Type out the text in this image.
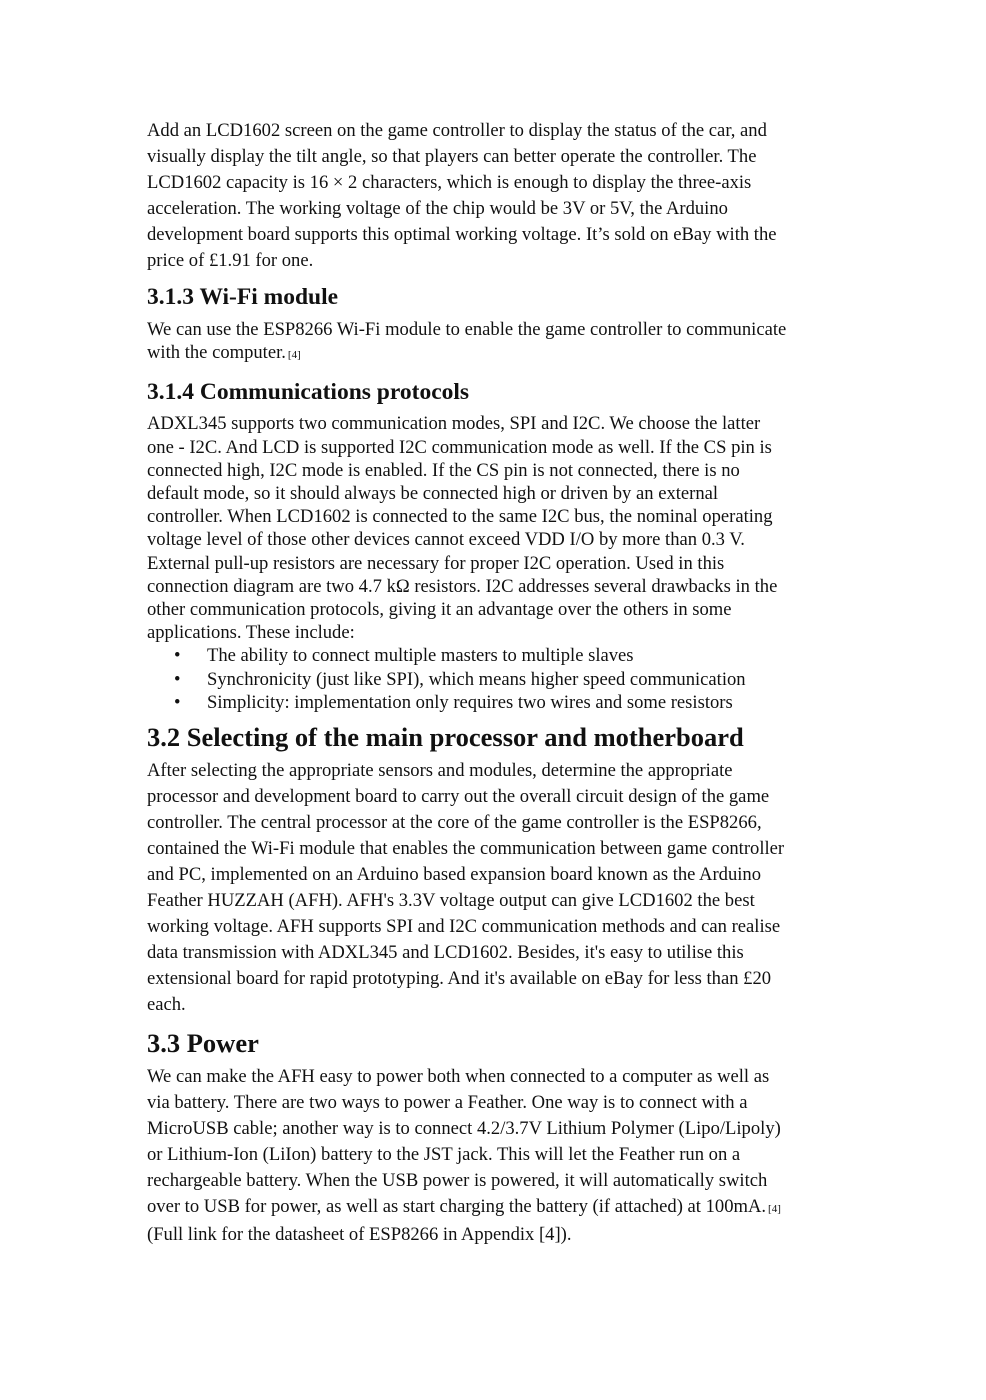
Add an LCD1602 screen on the game controller to display the status of the car, and
visually display the tilt angle, so that players can better operate the controller. The
LCD1602 capacity is 16 × 2 characters, which is enough to display the three-axis
acceleration. The working voltage of the chip would be 3V or 5V, the Arduino
development board supports this optimal working voltage. It’s sold on eBay with the
price of £1.91 for one.

3.1.3 Wi-Fi module

We can use the ESP8266 Wi-Fi module to enable the game controller to communicate
with the computer. [4]

3.1.4 Communications protocols

ADXL345 supports two communication modes, SPI and I2C. We choose the latter
one - I2C. And LCD is supported I2C communication mode as well. If the CS pin is
connected high, I2C mode is enabled. If the CS pin is not connected, there is no
default mode, so it should always be connected high or driven by an external
controller. When LCD1602 is connected to the same I2C bus, the nominal operating
voltage level of those other devices cannot exceed VDD I/O by more than 0.3 V.
External pull-up resistors are necessary for proper I2C operation. Used in this
connection diagram are two 4.7 kΩ resistors. I2C addresses several drawbacks in the
other communication protocols, giving it an advantage over the others in some
applications. These include:

• The ability to connect multiple masters to multiple slaves
• Synchronicity (just like SPI), which means higher speed communication
• Simplicity: implementation only requires two wires and some resistors
3.2 Selecting of the main processor and motherboard

After selecting the appropriate sensors and modules, determine the appropriate
processor and development board to carry out the overall circuit design of the game
controller. The central processor at the core of the game controller is the ESP8266,
contained the Wi-Fi module that enables the communication between game controller
and PC, implemented on an Arduino based expansion board known as the Arduino
Feather HUZZAH (AFH). AFH's 3.3V voltage output can give LCD1602 the best
working voltage. AFH supports SPI and I2C communication methods and can realise
data transmission with ADXL345 and LCD1602. Besides, it's easy to utilise this
extensional board for rapid prototyping. And it's available on eBay for less than £20
each.

3.3 Power

We can make the AFH easy to power both when connected to a computer as well as
via battery. There are two ways to power a Feather. One way is to connect with a
MicroUSB cable; another way is to connect 4.2/3.7V Lithium Polymer (Lipo/Lipoly)
or Lithium-Ion (LiIon) battery to the JST jack. This will let the Feather run on a
rechargeable battery. When the USB power is powered, it will automatically switch
over to USB for power, as well as start charging the battery (if attached) at 100mA. [4]
(Full link for the datasheet of ESP8266 in Appendix [4]).
